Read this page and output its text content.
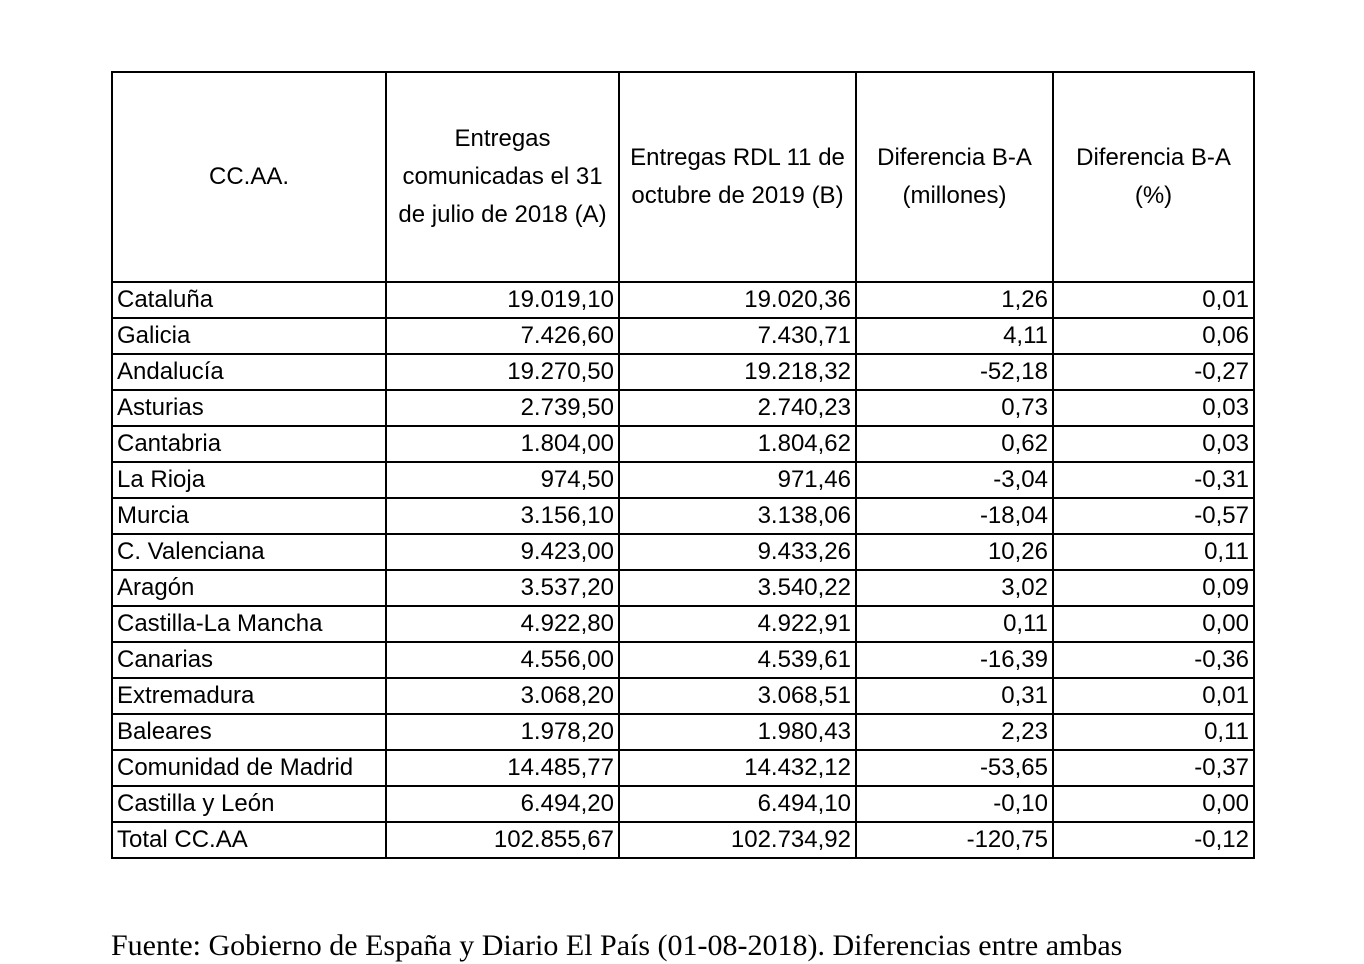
CC.AA.	Entregas comunicadas el 31 de julio de 2018 (A)	Entregas RDL 11 de octubre de 2019 (B)	Diferencia B-A (millones)	Diferencia B-A (%)
Cataluña	19.019,10	19.020,36	1,26	0,01
Galicia	7.426,60	7.430,71	4,11	0,06
Andalucía	19.270,50	19.218,32	-52,18	-0,27
Asturias	2.739,50	2.740,23	0,73	0,03
Cantabria	1.804,00	1.804,62	0,62	0,03
La Rioja	974,50	971,46	-3,04	-0,31
Murcia	3.156,10	3.138,06	-18,04	-0,57
C. Valenciana	9.423,00	9.433,26	10,26	0,11
Aragón	3.537,20	3.540,22	3,02	0,09
Castilla-La Mancha	4.922,80	4.922,91	0,11	0,00
Canarias	4.556,00	4.539,61	-16,39	-0,36
Extremadura	3.068,20	3.068,51	0,31	0,01
Baleares	1.978,20	1.980,43	2,23	0,11
Comunidad de Madrid	14.485,77	14.432,12	-53,65	-0,37
Castilla y León	6.494,20	6.494,10	-0,10	0,00
Total CC.AA	102.855,67	102.734,92	-120,75	-0,12
Fuente: Gobierno de España y Diario El País (01-08-2018). Diferencias entre ambas
